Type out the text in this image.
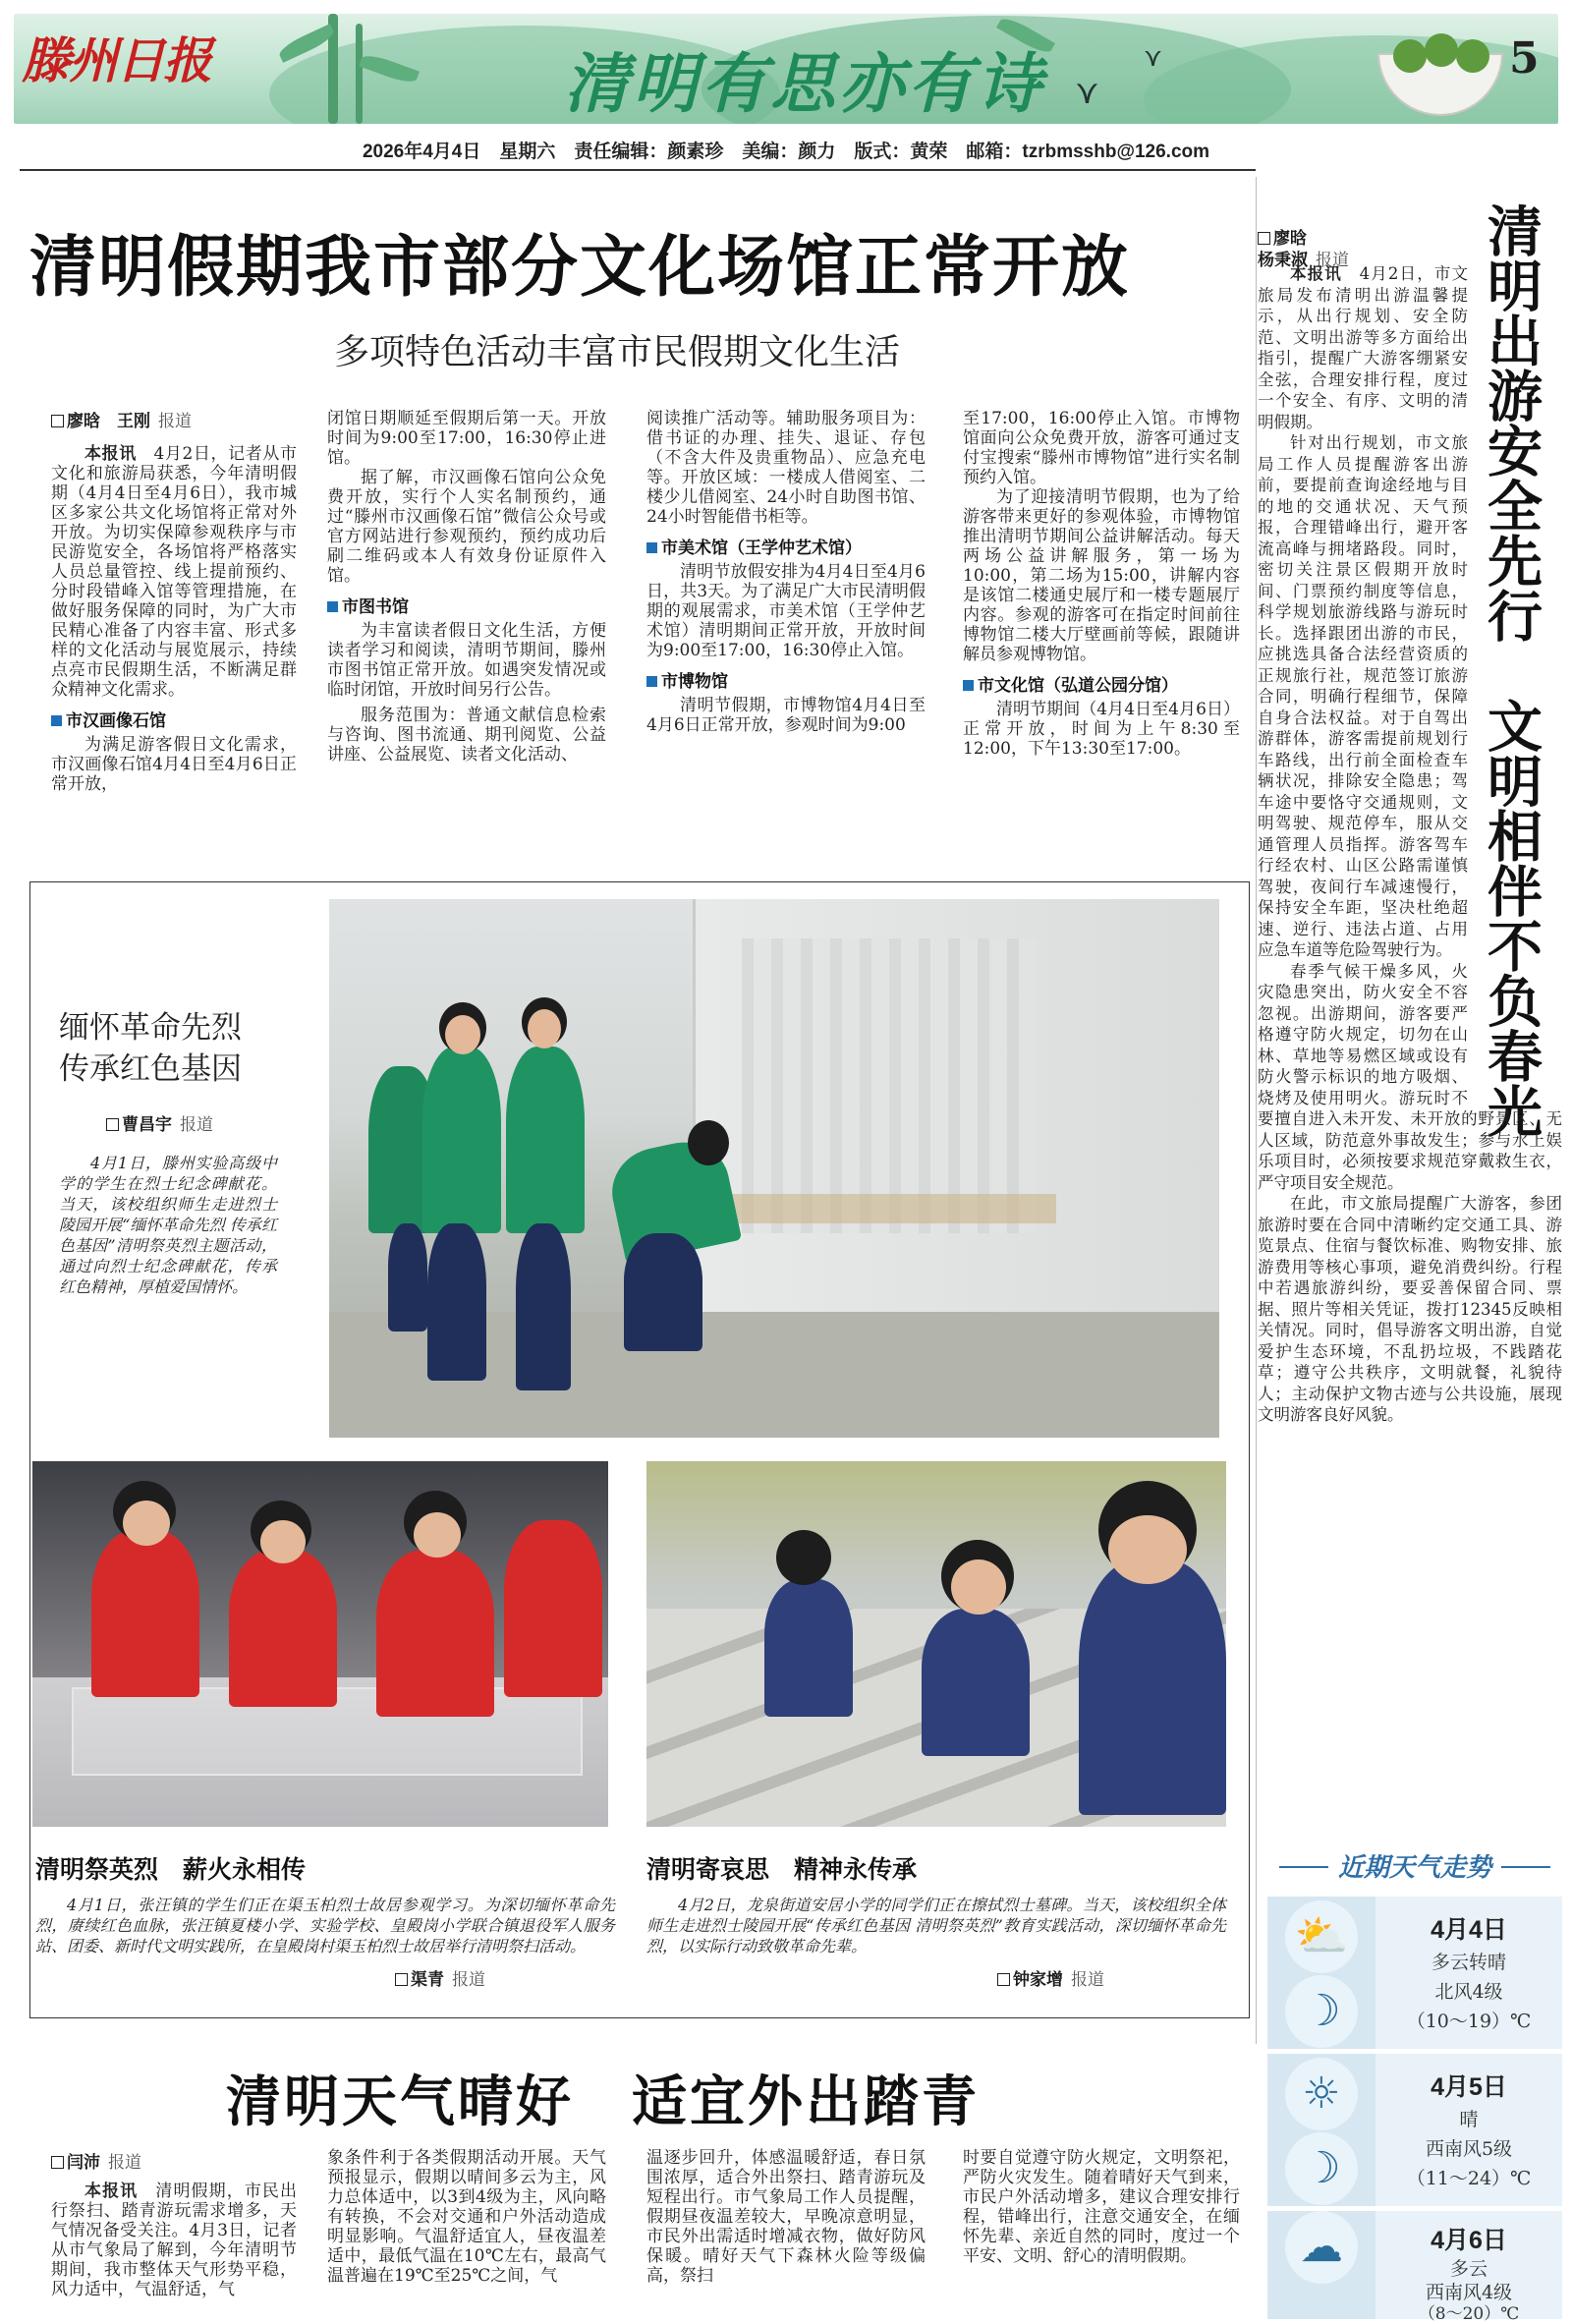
⋎
⋎
滕州日报	清明有思亦有诗	5
2026年4月4日　星期六　责任编辑：颜素珍　美编：颜力　版式：黄荣　邮箱：tzrbmsshb@126.com
清明假期我市部分文化场馆正常开放
多项特色活动丰富市民假期文化生活
廖晗　王刚 报道

本报讯　4月2日，记者从市文化和旅游局获悉，今年清明假期（4月4日至4月6日），我市城区多家公共文化场馆将正常对外开放。为切实保障参观秩序与市民游览安全，各场馆将严格落实人员总量管控、线上提前预约、分时段错峰入馆等管理措施，在做好服务保障的同时，为广大市民精心准备了内容丰富、形式多样的文化活动与展览展示，持续点亮市民假期生活，不断满足群众精神文化需求。

市汉画像石馆

为满足游客假日文化需求，市汉画像石馆4月4日至4月6日正常开放，

闭馆日期顺延至假期后第一天。开放时间为9:00至17:00，16:30停止进馆。

据了解，市汉画像石馆向公众免费开放，实行个人实名制预约，通过“滕州市汉画像石馆”微信公众号或官方网站进行参观预约，预约成功后刷二维码或本人有效身份证原件入馆。

市图书馆

为丰富读者假日文化生活，方便读者学习和阅读，清明节期间，滕州市图书馆正常开放。如遇突发情况或临时闭馆，开放时间另行公告。

服务范围为：普通文献信息检索与咨询、图书流通、期刊阅览、公益讲座、公益展览、读者文化活动、

阅读推广活动等。辅助服务项目为：借书证的办理、挂失、退证、存包（不含大件及贵重物品）、应急充电等。开放区域：一楼成人借阅室、二楼少儿借阅室、24小时自助图书馆、24小时智能借书柜等。

市美术馆（王学仲艺术馆）

清明节放假安排为4月4日至4月6日，共3天。为了满足广大市民清明假期的观展需求，市美术馆（王学仲艺术馆）清明期间正常开放，开放时间为9:00至17:00，16:30停止入馆。

市博物馆

清明节假期，市博物馆4月4日至4月6日正常开放，参观时间为9:00

至17:00，16:00停止入馆。市博物馆面向公众免费开放，游客可通过支付宝搜索“滕州市博物馆”进行实名制预约入馆。

为了迎接清明节假期，也为了给游客带来更好的参观体验，市博物馆推出清明节期间公益讲解活动。每天两场公益讲解服务，第一场为10:00，第二场为15:00，讲解内容是该馆二楼通史展厅和一楼专题展厅内容。参观的游客可在指定时间前往博物馆二楼大厅壁画前等候，跟随讲解员参观博物馆。

市文化馆（弘道公园分馆）

清明节期间（4月4日至4月6日）正常开放，时间为上午8:30至12:00，下午13:30至17:00。

缅怀革命先烈
传承红色基因
曹昌宇 报道
4月1日，滕州实验高级中学的学生在烈士纪念碑献花。当天，该校组织师生走进烈士陵园开展“缅怀革命先烈 传承红色基因”清明祭英烈主题活动，通过向烈士纪念碑献花，传承红色精神，厚植爱国情怀。
清明祭英烈　薪火永相传
4月1日，张汪镇的学生们正在渠玉柏烈士故居参观学习。为深切缅怀革命先烈，赓续红色血脉，张汪镇夏楼小学、实验学校、皇殿岗小学联合镇退役军人服务站、团委、新时代文明实践所，在皇殿岗村渠玉柏烈士故居举行清明祭扫活动。
渠青 报道
清明寄哀思　精神永传承
4月2日，龙泉街道安居小学的同学们正在擦拭烈士墓碑。当天，该校组织全体师生走进烈士陵园开展“传承红色基因 清明祭英烈”教育实践活动，深切缅怀革命先烈，以实际行动致敬革命先辈。
钟家增 报道

廖晗
杨秉淑 报道 清明出游安全先行　文明相伴不负春光

本报讯　4月2日，市文旅局发布清明出游温馨提示，从出行规划、安全防范、文明出游等多方面给出指引，提醒广大游客绷紧安全弦，合理安排行程，度过一个安全、有序、文明的清明假期。

针对出行规划，市文旅局工作人员提醒游客出游前，要提前查询途经地与目的地的交通状况、天气预报，合理错峰出行，避开客流高峰与拥堵路段。同时，密切关注景区假期开放时间、门票预约制度等信息，科学规划旅游线路与游玩时长。选择跟团出游的市民，应挑选具备合法经营资质的正规旅行社，规范签订旅游合同，明确行程细节，保障自身合法权益。对于自驾出游群体，游客需提前规划行车路线，出行前全面检查车辆状况，排除安全隐患；驾车途中要恪守交通规则，文明驾驶、规范停车，服从交通管理人员指挥。游客驾车行经农村、山区公路需谨慎驾驶，夜间行车减速慢行，保持安全车距，坚决杜绝超速、逆行、违法占道、占用应急车道等危险驾驶行为。

春季气候干燥多风，火灾隐患突出，防火安全不容忽视。出游期间，游客要严格遵守防火规定，切勿在山林、草地等易燃区域或设有防火警示标识的地方吸烟、烧烤及使用明火。游玩时不要擅自进入未开发、未开放的野景区、无人区域，防范意外事故发生；参与水上娱乐项目时，必须按要求规范穿戴救生衣，严守项目安全规范。

在此，市文旅局提醒广大游客，参团旅游时要在合同中清晰约定交通工具、游览景点、住宿与餐饮标准、购物安排、旅游费用等核心事项，避免消费纠纷。行程中若遇旅游纠纷，要妥善保留合同、票据、照片等相关凭证，拨打12345反映相关情况。同时，倡导游客文明出游，自觉爱护生态环境，不乱扔垃圾，不践踏花草；遵守公共秩序，文明就餐，礼貌待人；主动保护文物古迹与公共设施，展现文明游客良好风貌。

近期天气走势
⛅
☽
4月4日
多云转晴
北风4级
（10～19）℃
☼
☽
4月5日
晴
西南风5级
（11～24）℃
☁	4月6日
多云
西南风4级
（8～20）℃
清明天气晴好　适宜外出踏青
闫沛 报道

本报讯　清明假期，市民出行祭扫、踏青游玩需求增多，天气情况备受关注。4月3日，记者从市气象局了解到，今年清明节期间，我市整体天气形势平稳，风力适中，气温舒适，气

象条件利于各类假期活动开展。天气预报显示，假期以晴间多云为主，风力总体适中，以3到4级为主，风向略有转换，不会对交通和户外活动造成明显影响。气温舒适宜人，昼夜温差适中，最低气温在10℃左右，最高气温普遍在19℃至25℃之间，气

温逐步回升，体感温暖舒适，春日氛围浓厚，适合外出祭扫、踏青游玩及短程出行。市气象局工作人员提醒，假期昼夜温差较大，早晚凉意明显，市民外出需适时增减衣物，做好防风保暖。晴好天气下森林火险等级偏高，祭扫

时要自觉遵守防火规定，文明祭祀，严防火灾发生。随着晴好天气到来，市民户外活动增多，建议合理安排行程，错峰出行，注意交通安全，在缅怀先辈、亲近自然的同时，度过一个平安、文明、舒心的清明假期。
